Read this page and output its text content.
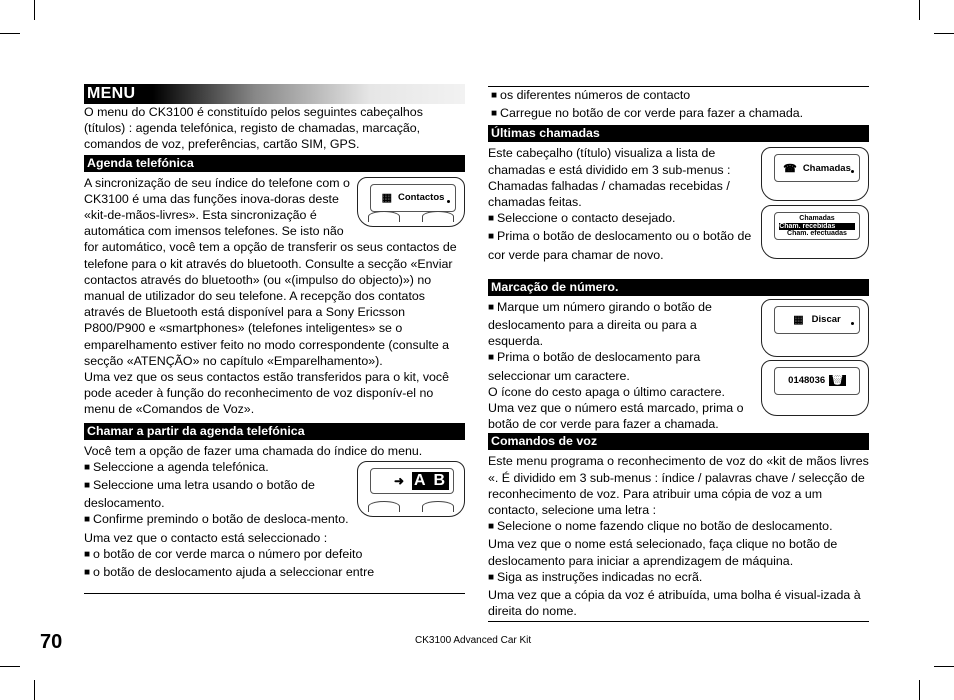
MENU

O menu do CK3100 é constituído pelos seguintes cabeçalhos (títulos) : agenda telefónica, registo de chamadas, marcação, comandos de voz, preferências, cartão SIM, GPS.

Agenda telefónica
▦ Contactos

A sincronização de seu índice do telefone com o CK3100 é uma das funções inova-doras deste «kit-de-mãos-livres». Esta sincronização é automática com imensos telefones. Se isto não for automático, você tem a opção de transferir os seus contactos de telefone para o kit através do bluetooth. Consulte a secção «Enviar contactos através do bluetooth» (ou «(impulso do objecto)») no manual de utilizador do seu telefone. A recepção dos contatos através de Bluetooth está disponível para a Sony Ericsson P800/P900 e «smartphones» (telefones inteligentes» se o emparelhamento estiver feito no modo correspondente (consulte a secção «ATENÇÃO» no capítulo «Emparelhamento»).

Uma vez que os seus contactos estão transferidos para o kit, você pode aceder à função do reconhecimento de voz disponív-el no menu de «Comandos de Voz».

Chamar a partir da agenda telefónica

Você tem a opção de fazer uma chamada do índice do menu.

➜ A B

■ Seleccione a agenda telefónica.

■ Seleccione uma letra usando o botão de deslocamento.

■ Confirme premindo o botão de desloca-mento.

Uma vez que o contacto está seleccionado :

■ o botão de cor verde marca o número por defeito

■ o botão de deslocamento ajuda a seleccionar entre

■ os diferentes números de contacto

■ Carregue no botão de cor verde para fazer a chamada.

Últimas chamadas
☎ Chamadas
Chamadas
Cham. recebidas
Cham. efectuadas

Este cabeçalho (título) visualiza a lista de chamadas e está dividido em 3 sub-menus : Chamadas falhadas / chamadas recebidas / chamadas feitas.

■ Seleccione o contacto desejado.

■ Prima o botão de deslocamento ou o botão de cor verde para chamar de novo.

Marcação de número.
▦ Discar
0148036 🗑

■ Marque um número girando o botão de deslocamento para a direita ou para a esquerda.

■ Prima o botão de deslocamento para seleccionar um caractere.

O ícone do cesto apaga o último caractere.

Uma vez que o número está marcado, prima o botão de cor verde para fazer a chamada.

Comandos de voz

Este menu programa o reconhecimento de voz do «kit de mãos livres «. É dividido em 3 sub-menus : índice / palavras chave / selecção de reconhecimento de voz. Para atribuir uma cópia de voz a um contacto, selecione uma letra :

■ Selecione o nome fazendo clique no botão de deslocamento.

Uma vez que o nome está selecionado, faça clique no botão de deslocamento para iniciar a aprendizagem de máquina.

■ Siga as instruções indicadas no ecrã.

Uma vez que a cópia da voz é atribuída, uma bolha é visual-izada à direita do nome.

70	CK3100 Advanced Car Kit
